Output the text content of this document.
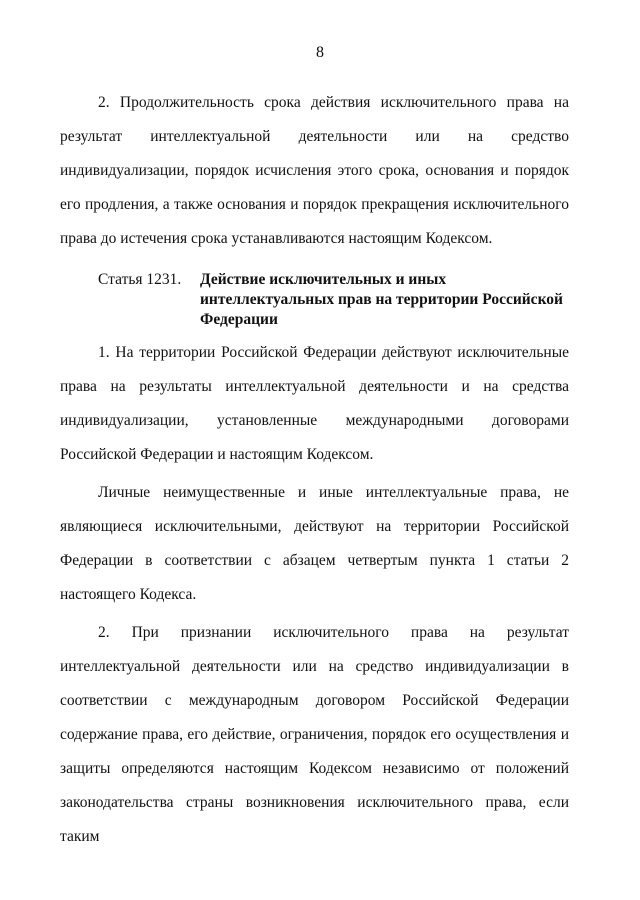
8

2. Продолжительность срока действия исключительного права на результат интеллектуальной деятельности или на средство индивидуализации, порядок исчисления этого срока, основания и порядок его продления, а также основания и порядок прекращения исключительного права до истечения срока устанавливаются настоящим Кодексом.

Статья 1231.	Действие исключительных и иных
интеллектуальных прав на территории Российской
Федерации

1. На территории Российской Федерации действуют исключительные права на результаты интеллектуальной деятельности и на средства индивидуализации, установленные международными договорами Российской Федерации и настоящим Кодексом.

Личные неимущественные и иные интеллектуальные права, не являющиеся исключительными, действуют на территории Российской Федерации в соответствии с абзацем четвертым пункта 1 статьи 2 настоящего Кодекса.

2. При признании исключительного права на результат интеллектуальной деятельности или на средство индивидуализации в соответствии с международным договором Российской Федерации содержание права, его действие, ограничения, порядок его осуществления и защиты определяются настоящим Кодексом независимо от положений законодательства страны возникновения исключительного права, если таким
